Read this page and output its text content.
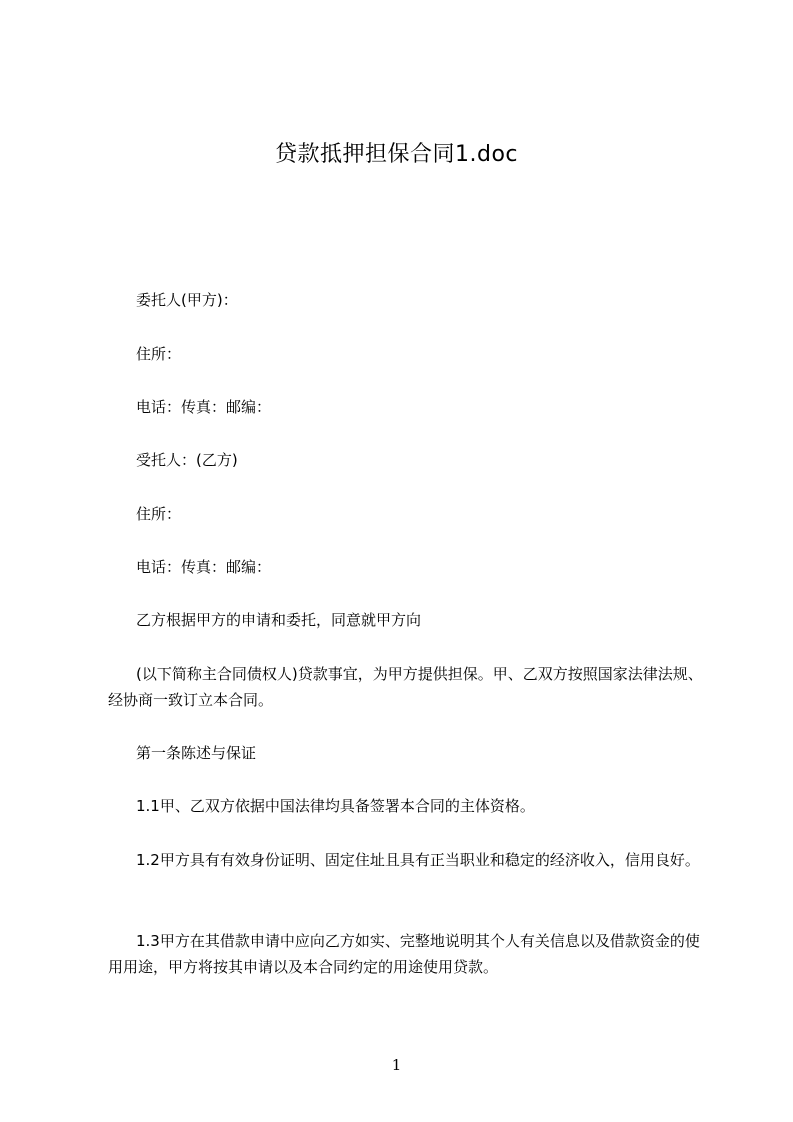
贷款抵押担保合同1.doc

委托人(甲方)：

住所：

电话：传真：邮编：

受托人：(乙方)

住所：

电话：传真：邮编：

乙方根据甲方的申请和委托，同意就甲方向

(以下简称主合同债权人)贷款事宜，为甲方提供担保。甲、乙双方按照国家法律法规、经协商一致订立本合同。

第一条陈述与保证

1.1甲、乙双方依据中国法律均具备签署本合同的主体资格。

1.2甲方具有有效身份证明、固定住址且具有正当职业和稳定的经济收入，信用良好。

1.3甲方在其借款申请中应向乙方如实、完整地说明其个人有关信息以及借款资金的使用用途，甲方将按其申请以及本合同约定的用途使用贷款。

1
